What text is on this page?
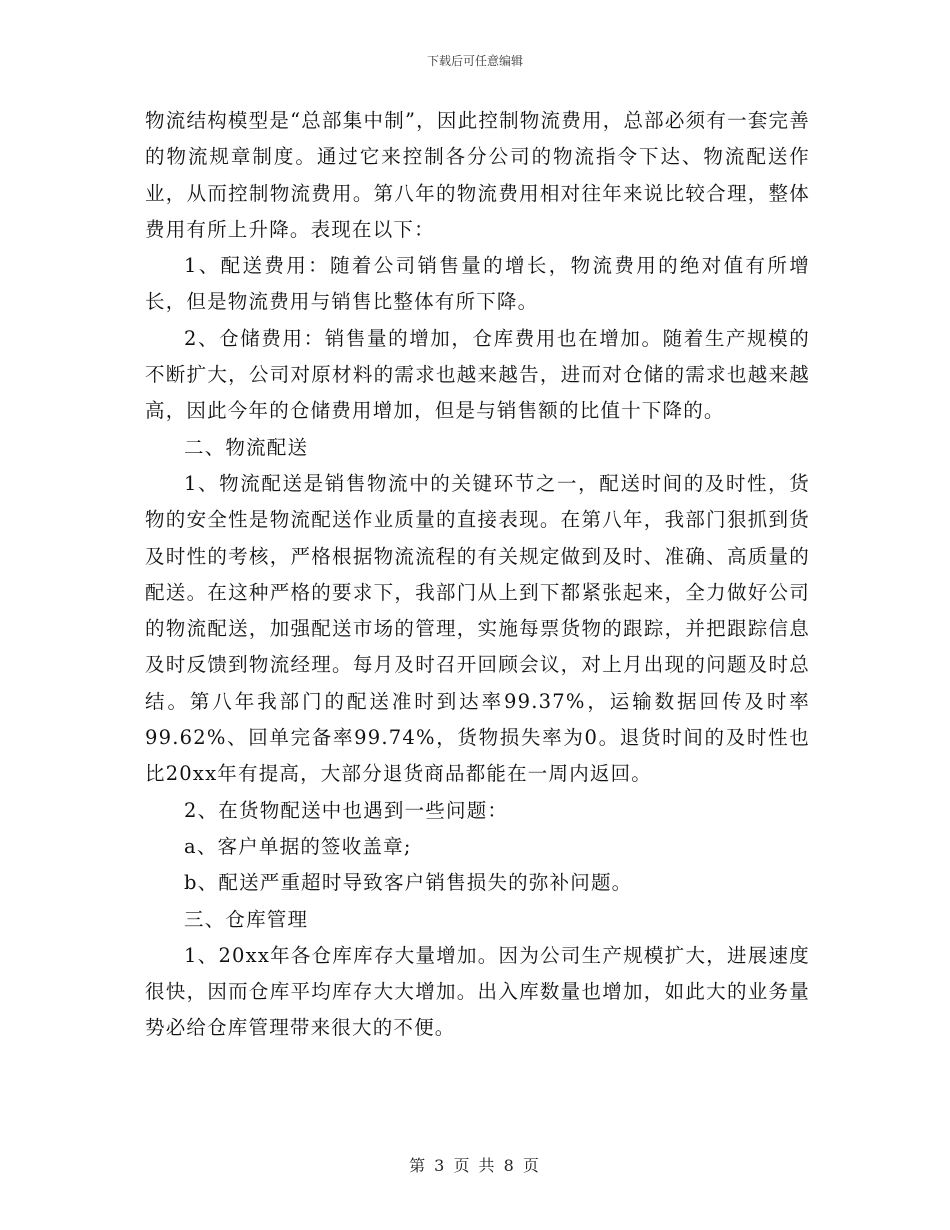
下载后可任意编辑

物流结构模型是“总部集中制”，因此控制物流费用，总部必须有一套完善的物流规章制度。通过它来控制各分公司的物流指令下达、物流配送作业，从而控制物流费用。第八年的物流费用相对往年来说比较合理，整体费用有所上升降。表现在以下：

1、配送费用：随着公司销售量的增长，物流费用的绝对值有所增长，但是物流费用与销售比整体有所下降。

2、仓储费用：销售量的增加，仓库费用也在增加。随着生产规模的不断扩大，公司对原材料的需求也越来越告，进而对仓储的需求也越来越高，因此今年的仓储费用增加，但是与销售额的比值十下降的。

二、物流配送

1、物流配送是销售物流中的关键环节之一，配送时间的及时性，货物的安全性是物流配送作业质量的直接表现。在第八年，我部门狠抓到货及时性的考核，严格根据物流流程的有关规定做到及时、准确、高质量的配送。在这种严格的要求下，我部门从上到下都紧张起来，全力做好公司的物流配送，加强配送市场的管理，实施每票货物的跟踪，并把跟踪信息及时反馈到物流经理。每月及时召开回顾会议，对上月出现的问题及时总结。第八年我部门的配送准时到达率99.37%，运输数据回传及时率99.62%、回单完备率99.74%，货物损失率为0。退货时间的及时性也比20xx年有提高，大部分退货商品都能在一周内返回。

2、在货物配送中也遇到一些问题：

a、客户单据的签收盖章;

b、配送严重超时导致客户销售损失的弥补问题。

三、仓库管理

1、20xx年各仓库库存大量增加。因为公司生产规模扩大，进展速度很快，因而仓库平均库存大大增加。出入库数量也增加，如此大的业务量势必给仓库管理带来很大的不便。

第 3 页 共 8 页
